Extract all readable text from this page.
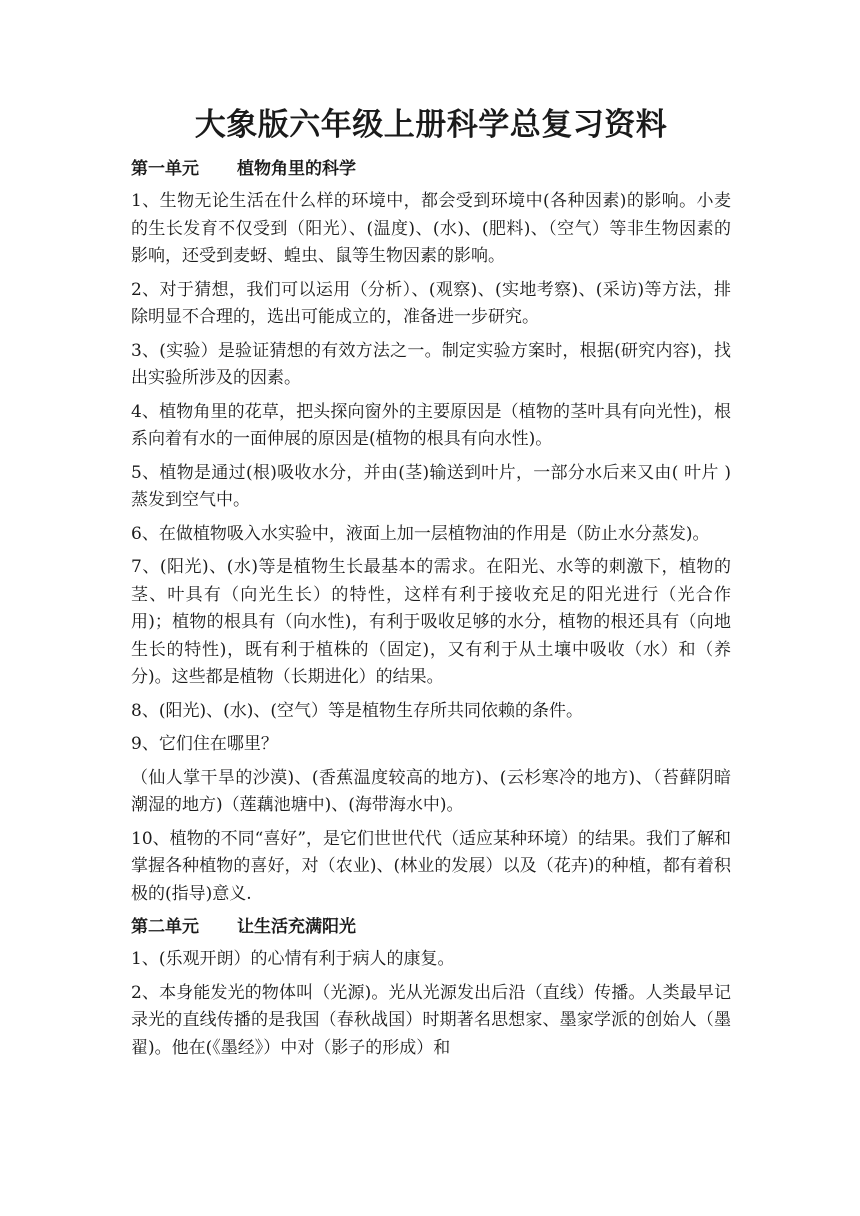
大象版六年级上册科学总复习资料
第一单元 植物角里的科学

1、生物无论生活在什么样的环境中，都会受到环境中(各种因素)的影响。小麦的生长发育不仅受到（阳光）、(温度)、(水)、(肥料)、（空气）等非生物因素的影响，还受到麦蚜、蝗虫、鼠等生物因素的影响。

2、对于猜想，我们可以运用（分析）、(观察)、(实地考察)、(采访)等方法，排除明显不合理的，选出可能成立的，准备进一步研究。

3、(实验）是验证猜想的有效方法之一。制定实验方案时，根据(研究内容)，找出实验所涉及的因素。

4、植物角里的花草，把头探向窗外的主要原因是（植物的茎叶具有向光性)，根系向着有水的一面伸展的原因是(植物的根具有向水性)。

5、植物是通过(根)吸收水分，并由(茎)输送到叶片，一部分水后来又由( 叶片 )蒸发到空气中。

6、在做植物吸入水实验中，液面上加一层植物油的作用是（防止水分蒸发)。

7、(阳光)、(水)等是植物生长最基本的需求。在阳光、水等的刺激下，植物的茎、叶具有（向光生长）的特性，这样有利于接收充足的阳光进行（光合作用)；植物的根具有（向水性)，有利于吸收足够的水分，植物的根还具有（向地生长的特性)，既有利于植株的（固定)，又有利于从土壤中吸收（水）和（养分)。这些都是植物（长期进化）的结果。

8、(阳光)、(水)、(空气）等是植物生存所共同依赖的条件。

9、它们住在哪里？

（仙人掌干旱的沙漠)、(香蕉温度较高的地方)、(云杉寒冷的地方)、（苔藓阴暗潮湿的地方)（莲藕池塘中)、(海带海水中)。

10、植物的不同“喜好”，是它们世世代代（适应某种环境）的结果。我们了解和掌握各种植物的喜好，对（农业)、(林业的发展）以及（花卉)的种植，都有着积极的(指导)意义.

第二单元 让生活充满阳光

1、(乐观开朗）的心情有利于病人的康复。

2、本身能发光的物体叫（光源)。光从光源发出后沿（直线）传播。人类最早记录光的直线传播的是我国（春秋战国）时期著名思想家、墨家学派的创始人（墨翟)。他在(《墨经》）中对（影子的形成）和
